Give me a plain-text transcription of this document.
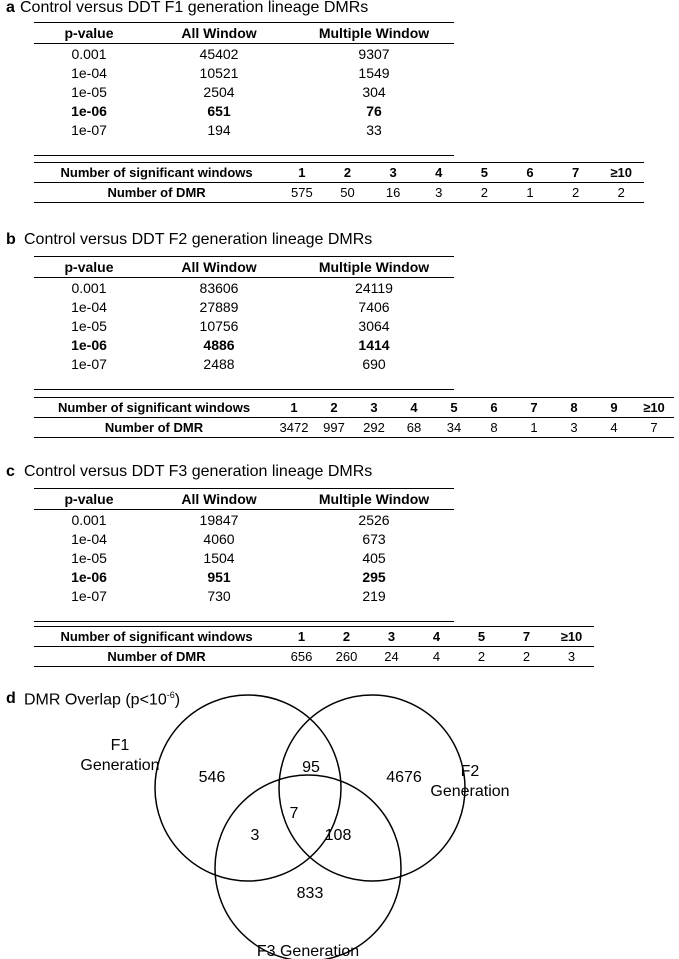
a Control versus DDT F1 generation lineage DMRs
p-value	All Window	Multiple Window
0.001	45402	9307
1e-04	10521	1549
1e-05	2504	304
1e-06	651	76
1e-07	194	33

Number of significant windows	1	2	3	4	5	6	7	≥10
Number of DMR	575	50	16	3	2	1	2	2
b Control versus DDT F2 generation lineage DMRs
p-value	All Window	Multiple Window
0.001	83606	24119
1e-04	27889	7406
1e-05	10756	3064
1e-06	4886	1414
1e-07	2488	690

Number of significant windows	1	2	3	4	5	6	7	8	9	≥10
Number of DMR	3472	997	292	68	34	8	1	3	4	7
c Control versus DDT F3 generation lineage DMRs
p-value	All Window	Multiple Window
0.001	19847	2526
1e-04	4060	673
1e-05	1504	405
1e-06	951	295
1e-07	730	219

Number of significant windows	1	2	3	4	5	7	≥10
Number of DMR	656	260	24	4	2	2	3
d DMR Overlap $(p<10^{-6})$
F1
Generation	F2
Generation
F3 Generation
546	4676
833
95
3	108
7
